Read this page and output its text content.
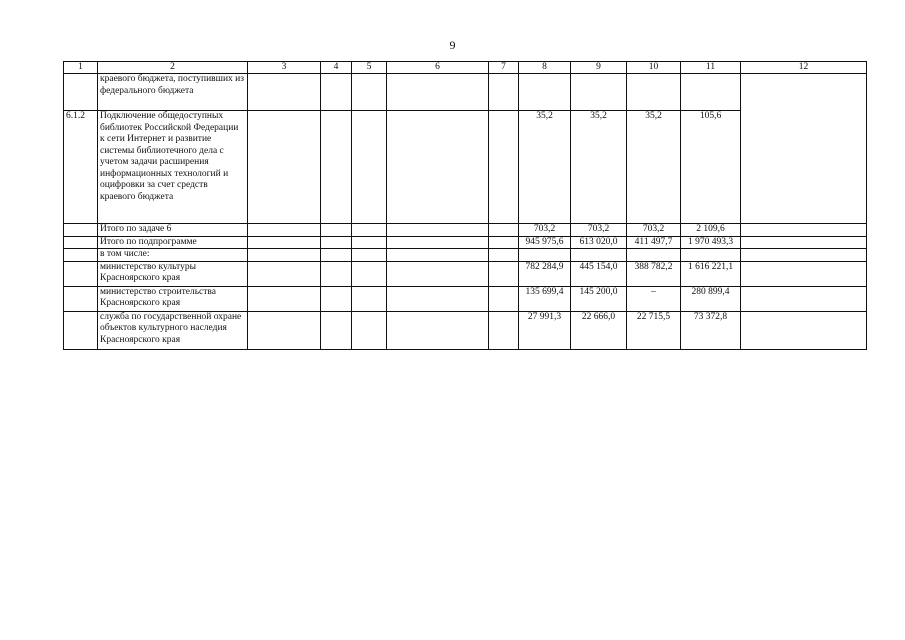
9
1	2	3	4	5	6	7	8	9	10	11	12
	краевого бюджета, поступивших из федерального бюджета										
6.1.2	Подключение общедоступных библиотек Российской Федерации к сети Интернет и развитие системы библиотечного дела с учетом задачи расширения информационных технологий и оцифровки за счет средств краевого бюджета						35,2	35,2	35,2	105,6	
	Итого по задаче 6						703,2	703,2	703,2	2 109,6	
	Итого по подпрограмме						945 975,6	613 020,0	411 497,7	1 970 493,3	
	в том числе:										
	министерство культуры Красноярского края						782 284,9	445 154,0	388 782,2	1 616 221,1	
	министерство строительства Красноярского края						135 699,4	145 200,0	–	280 899,4	
	служба по государственной охране объектов культурного наследия Красноярского края						27 991,3	22 666,0	22 715,5	73 372,8	
